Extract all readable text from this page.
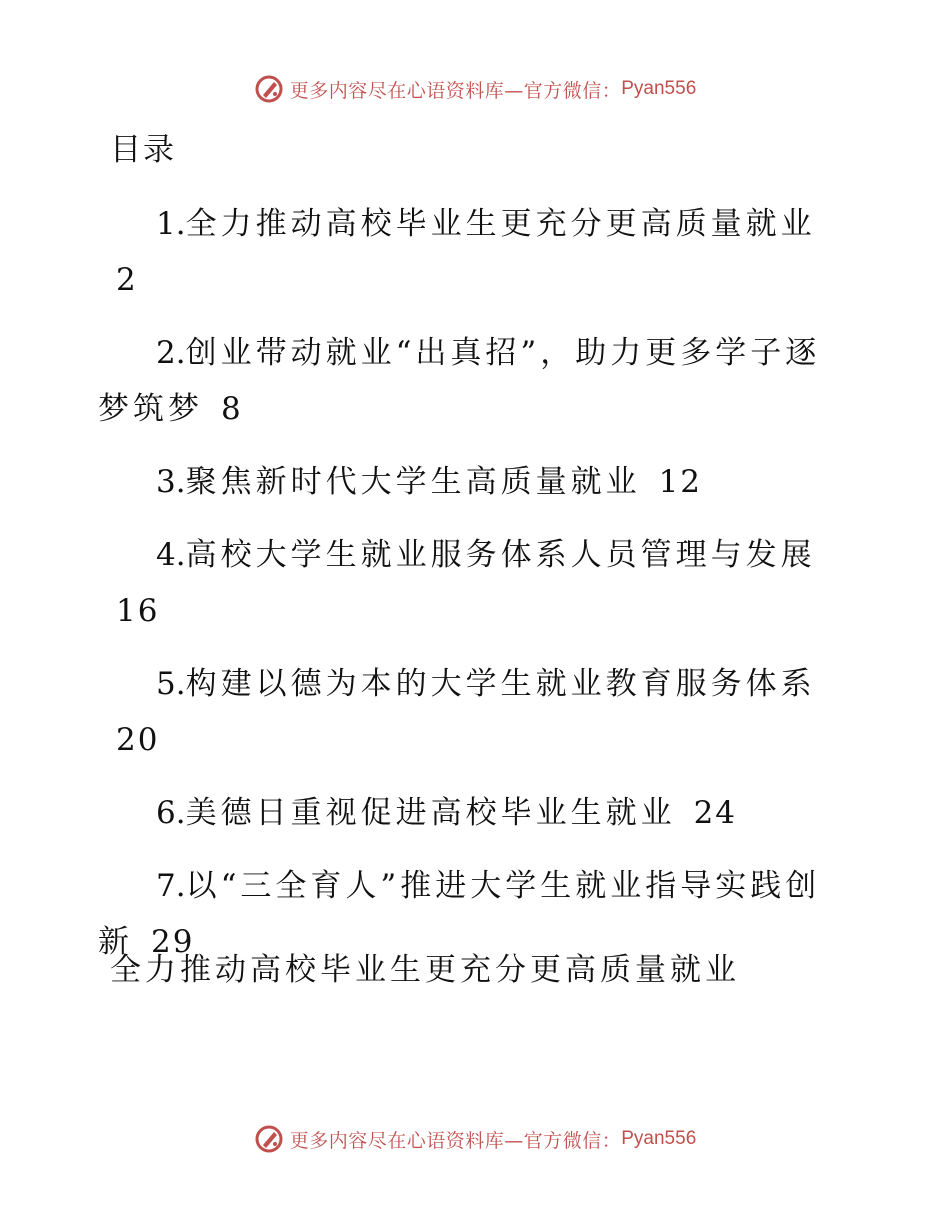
更多内容尽在心语资料库—官方微信： Pyan556
目录
1.全力推动高校毕业生更充分更高质量就业2
2.创业带动就业“出真招”，助力更多学子逐梦筑梦 8
3.聚焦新时代大学生高质量就业 12
4.高校大学生就业服务体系人员管理与发展16
5.构建以德为本的大学生就业教育服务体系20
6.美德日重视促进高校毕业生就业 24
7.以“三全育人”推进大学生就业指导实践创新 29
全力推动高校毕业生更充分更高质量就业
更多内容尽在心语资料库—官方微信： Pyan556
